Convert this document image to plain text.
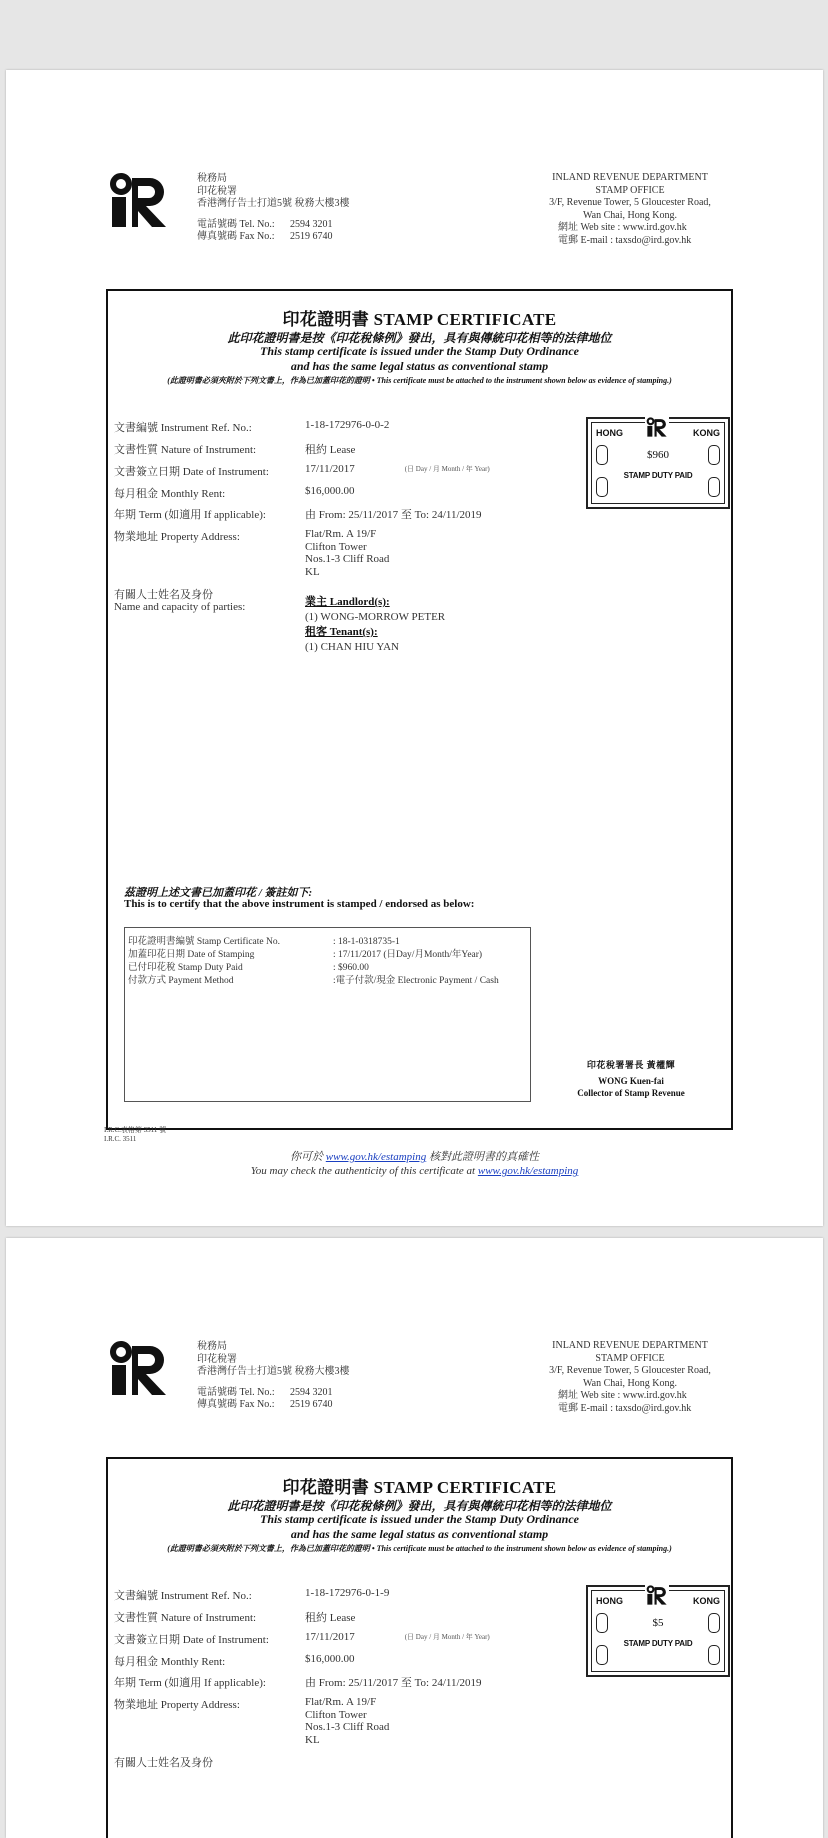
稅務局
印花稅署
香港灣仔告士打道5號 稅務大樓3樓
電話號碼 Tel. No.: 2594 3201
傳真號碼 Fax No.: 2519 6740
INLAND REVENUE DEPARTMENT
STAMP OFFICE
3/F, Revenue Tower, 5 Gloucester Road,
Wan Chai, Hong Kong.
網址 Web site : www.ird.gov.hk
電郵 E-mail : taxsdo@ird.gov.hk
印花證明書 STAMP CERTIFICATE
此印花證明書是按《印花稅條例》發出，具有與傳統印花相等的法律地位
This stamp certificate is issued under the Stamp Duty Ordinance
and has the same legal status as conventional stamp
(此證明書必須夾附於下列文書上，作為已加蓋印花的證明 • This certificate must be attached to the instrument shown below as evidence of stamping.)
文書編號 Instrument Ref. No.:	1-18-172976-0-0-2
文書性質 Nature of Instrument:	租約 Lease
文書簽立日期 Date of Instrument:	17/11/2017	(日 Day / 月 Month / 年 Year)
每月租金 Monthly Rent:	$16,000.00
年期 Term (如適用 If applicable):	由 From: 25/11/2017 至 To: 24/11/2019
物業地址 Property Address:	Flat/Rm. A 19/F
Clifton Tower
Nos.1-3 Cliff Road
KL
有關人士姓名及身份
Name and capacity of parties:	業主 Landlord(s):
(1) WONG-MORROW PETER
租客 Tenant(s):
(1) CHAN HIU YAN
HONG	KONG
$960
STAMP DUTY PAID
茲證明上述文書已加蓋印花 / 簽註如下:
This is to certify that the above instrument is stamped / endorsed as below:
印花證明書編號 Stamp Certificate No.	: 18-1-0318735-1
加蓋印花日期 Date of Stamping	: 17/11/2017 (日Day/月Month/年Year)
已付印花稅 Stamp Duty Paid	: $960.00
付款方式 Payment Method	:電子付款/現金 Electronic Payment / Cash
印花稅署署長 黃權輝
WONG Kuen-fai
Collector of Stamp Revenue
I.R.C.表格第 3511 號
I.R.C. 3511
你可於 www.gov.hk/estamping 核對此證明書的真確性
You may check the authenticity of this certificate at www.gov.hk/estamping
稅務局
印花稅署
香港灣仔告士打道5號 稅務大樓3樓
電話號碼 Tel. No.: 2594 3201
傳真號碼 Fax No.: 2519 6740
INLAND REVENUE DEPARTMENT
STAMP OFFICE
3/F, Revenue Tower, 5 Gloucester Road,
Wan Chai, Hong Kong.
網址 Web site : www.ird.gov.hk
電郵 E-mail : taxsdo@ird.gov.hk
印花證明書 STAMP CERTIFICATE
此印花證明書是按《印花稅條例》發出，具有與傳統印花相等的法律地位
This stamp certificate is issued under the Stamp Duty Ordinance
and has the same legal status as conventional stamp
(此證明書必須夾附於下列文書上，作為已加蓋印花的證明 • This certificate must be attached to the instrument shown below as evidence of stamping.)
文書編號 Instrument Ref. No.:	1-18-172976-0-1-9
文書性質 Nature of Instrument:	租約 Lease
文書簽立日期 Date of Instrument:	17/11/2017	(日 Day / 月 Month / 年 Year)
每月租金 Monthly Rent:	$16,000.00
年期 Term (如適用 If applicable):	由 From: 25/11/2017 至 To: 24/11/2019
物業地址 Property Address:	Flat/Rm. A 19/F
Clifton Tower
Nos.1-3 Cliff Road
KL
有關人士姓名及身份
HONG	KONG
$5
STAMP DUTY PAID
